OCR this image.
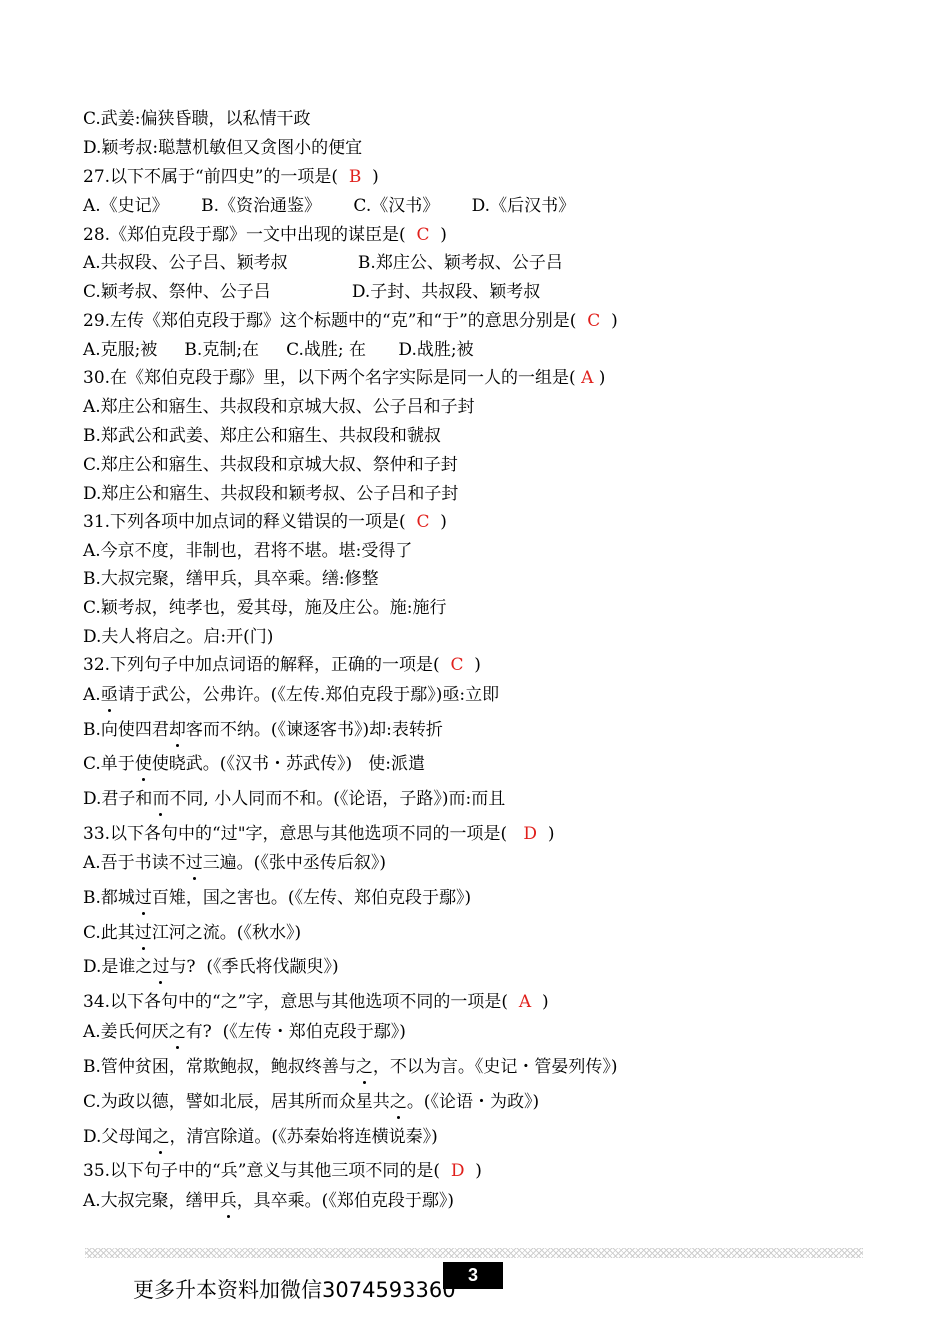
C.武姜:偏狭昏聩，以私情干政
D.颖考叔:聪慧机敏但又贪图小的便宜
27.以下不属于“前四史”的一项是(  B  )
A.《史记》      B.《资治通鉴》      C.《汉书》      D.《后汉书》
28.《郑伯克段于鄢》一文中出现的谋臣是(  C  )
A.共叔段、公子吕、颖考叔             B.郑庄公、颖考叔、公子吕
C.颖考叔、祭仲、公子吕               D.子封、共叔段、颖考叔
29.左传《郑伯克段于鄢》这个标题中的“克”和“于”的意思分别是(  C  )
A.克服;被     B.克制;在     C.战胜; 在      D.战胜;被
30.在《郑伯克段于鄢》里，以下两个名字实际是同一人的一组是( A )
A.郑庄公和寤生、共叔段和京城大叔、公子吕和子封
B.郑武公和武姜、郑庄公和寤生、共叔段和虢叔
C.郑庄公和寤生、共叔段和京城大叔、祭仲和子封
D.郑庄公和寤生、共叔段和颖考叔、公子吕和子封
31.下列各项中加点词的释义错误的一项是(  C  )
A.今京不度，非制也，君将不堪。堪:受得了
B.大叔完聚，缮甲兵，具卒乘。缮:修整
C.颖考叔，纯孝也，爱其母，施及庄公。施:施行
D.夫人将启之。启:开(门)
32.下列句子中加点词语的解释，正确的一项是(  C  )
A.亟请于武公，公弗许。(《左传.郑伯克段于鄢》)亟:立即
B.向使四君却客而不纳。(《谏逐客书》)却:表转折
C.单于使使晓武。(《汉书・苏武传》)   使:派遣
D.君子和而不同, 小人同而不和。(《论语，子路》)而:而且
33.以下各句中的“过"字，意思与其他选项不同的一项是(   D  )
A.吾于书读不过三遍。(《张中丞传后叙》)
B.都城过百雉，国之害也。(《左传、郑伯克段于鄢》)
C.此其过江河之流。(《秋水》)
D.是谁之过与?  (《季氏将伐颛臾》)
34.以下各句中的“之”字，意思与其他选项不同的一项是(  A  )
A.姜氏何厌之有?  (《左传・郑伯克段于鄢》)
B.管仲贫困，常欺鲍叔，鲍叔终善与之，不以为言。《史记・管晏列传》)
C.为政以德，譬如北辰，居其所而众星共之。(《论语・为政》)
D.父母闻之，清宫除道。(《苏秦始将连横说秦》)
35.以下句子中的“兵”意义与其他三项不同的是(  D  )
A.大叔完聚，缮甲兵，具卒乘。(《郑伯克段于鄢》)
3
更多升本资料加微信3074593360
